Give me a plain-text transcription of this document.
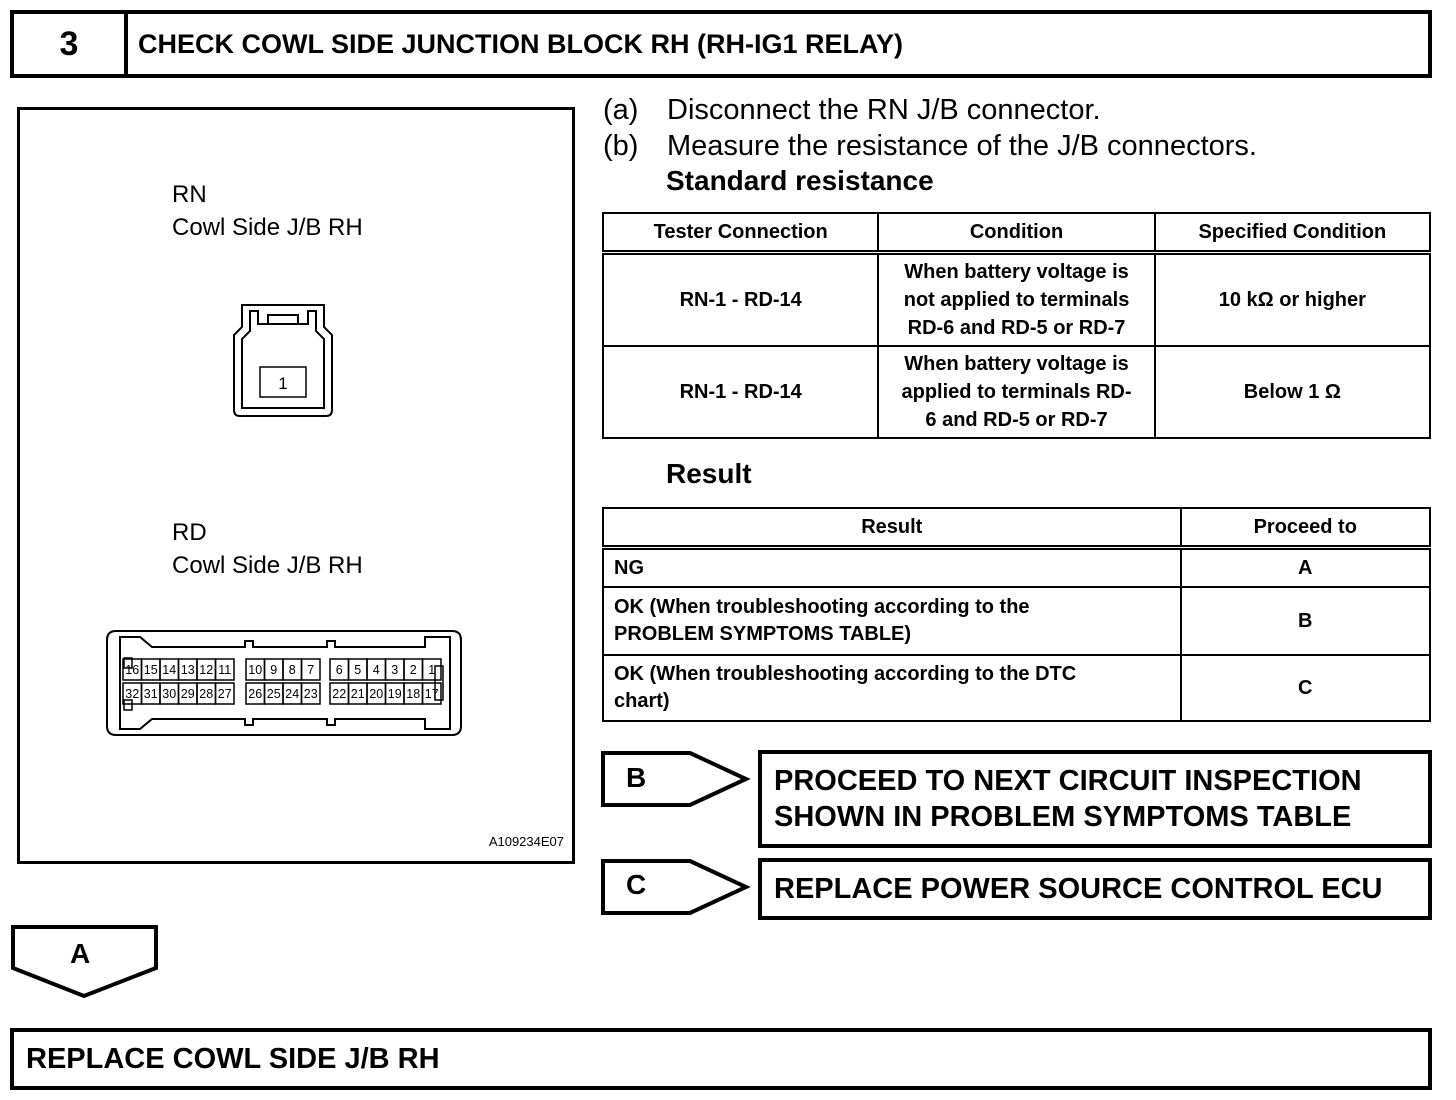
3	CHECK COWL SIDE JUNCTION BLOCK RH (RH-IG1 RELAY)
RN
Cowl Side J/B RH
1
16 15 14 13 12 11 10 9 8 7 6 5 4 3 2 1
32 31 30 29 28 27 26 25 24 23 22 21 20 19 18 17
RD
Cowl Side J/B RH
A109234E07
(a) Disconnect the RN J/B connector.
(b) Measure the resistance of the J/B connectors.
Standard resistance
Tester Connection	Condition	Specified Condition
RN-1 - RD-14	When battery voltage is
not applied to terminals
RD-6 and RD-5 or RD-7	10 kΩ or higher
RN-1 - RD-14	When battery voltage is
applied to terminals RD-
6 and RD-5 or RD-7	Below 1 Ω
Result
Result	Proceed to
NG	A

OK (When troubleshooting according to the
PROBLEM SYMPTOMS TABLE)	B

OK (When troubleshooting according to the DTC
chart)	C
B	PROCEED TO NEXT CIRCUIT INSPECTION
SHOWN IN PROBLEM SYMPTOMS TABLE
C	REPLACE POWER SOURCE CONTROL ECU
A
REPLACE COWL SIDE J/B RH
